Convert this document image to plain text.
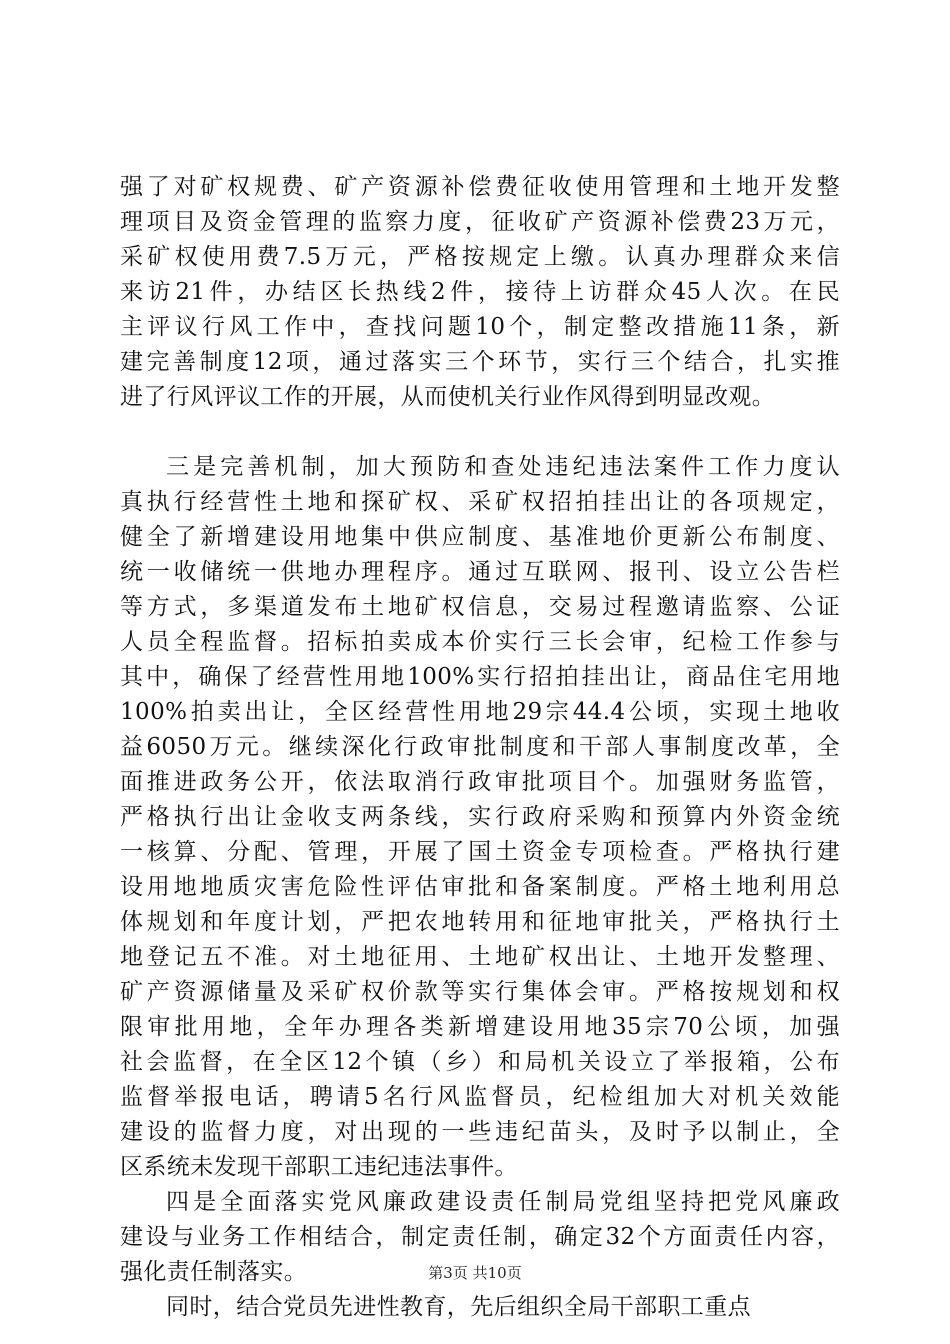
强了对矿权规费、矿产资源补偿费征收使用管理和土地开发整
理项目及资金管理的监察力度，征收矿产资源补偿费23万元，
采矿权使用费7.5万元，严格按规定上缴。认真办理群众来信
来访21件，办结区长热线2件，接待上访群众45人次。在民
主评议行风工作中，查找问题10个，制定整改措施11条，新
建完善制度12项，通过落实三个环节，实行三个结合，扎实推
进了行风评议工作的开展，从而使机关行业作风得到明显改观。
三是完善机制，加大预防和查处违纪违法案件工作力度认
真执行经营性土地和探矿权、采矿权招拍挂出让的各项规定，
健全了新增建设用地集中供应制度、基准地价更新公布制度、
统一收储统一供地办理程序。通过互联网、报刊、设立公告栏
等方式，多渠道发布土地矿权信息，交易过程邀请监察、公证
人员全程监督。招标拍卖成本价实行三长会审，纪检工作参与
其中，确保了经营性用地100%实行招拍挂出让，商品住宅用地
100%拍卖出让，全区经营性用地29宗44.4公顷，实现土地收
益6050万元。继续深化行政审批制度和干部人事制度改革，全
面推进政务公开，依法取消行政审批项目个。加强财务监管，
严格执行出让金收支两条线，实行政府采购和预算内外资金统
一核算、分配、管理，开展了国土资金专项检查。严格执行建
设用地地质灾害危险性评估审批和备案制度。严格土地利用总
体规划和年度计划，严把农地转用和征地审批关，严格执行土
地登记五不准。对土地征用、土地矿权出让、土地开发整理、
矿产资源储量及采矿权价款等实行集体会审。严格按规划和权
限审批用地，全年办理各类新增建设用地35宗70公顷，加强
社会监督，在全区12个镇（乡）和局机关设立了举报箱，公布
监督举报电话，聘请5名行风监督员，纪检组加大对机关效能
建设的监督力度，对出现的一些违纪苗头，及时予以制止，全
区系统未发现干部职工违纪违法事件。
四是全面落实党风廉政建设责任制局党组坚持把党风廉政
建设与业务工作相结合，制定责任制，确定32个方面责任内容，
强化责任制落实。
同时，结合党员先进性教育，先后组织全局干部职工重点
第3页 共10页
